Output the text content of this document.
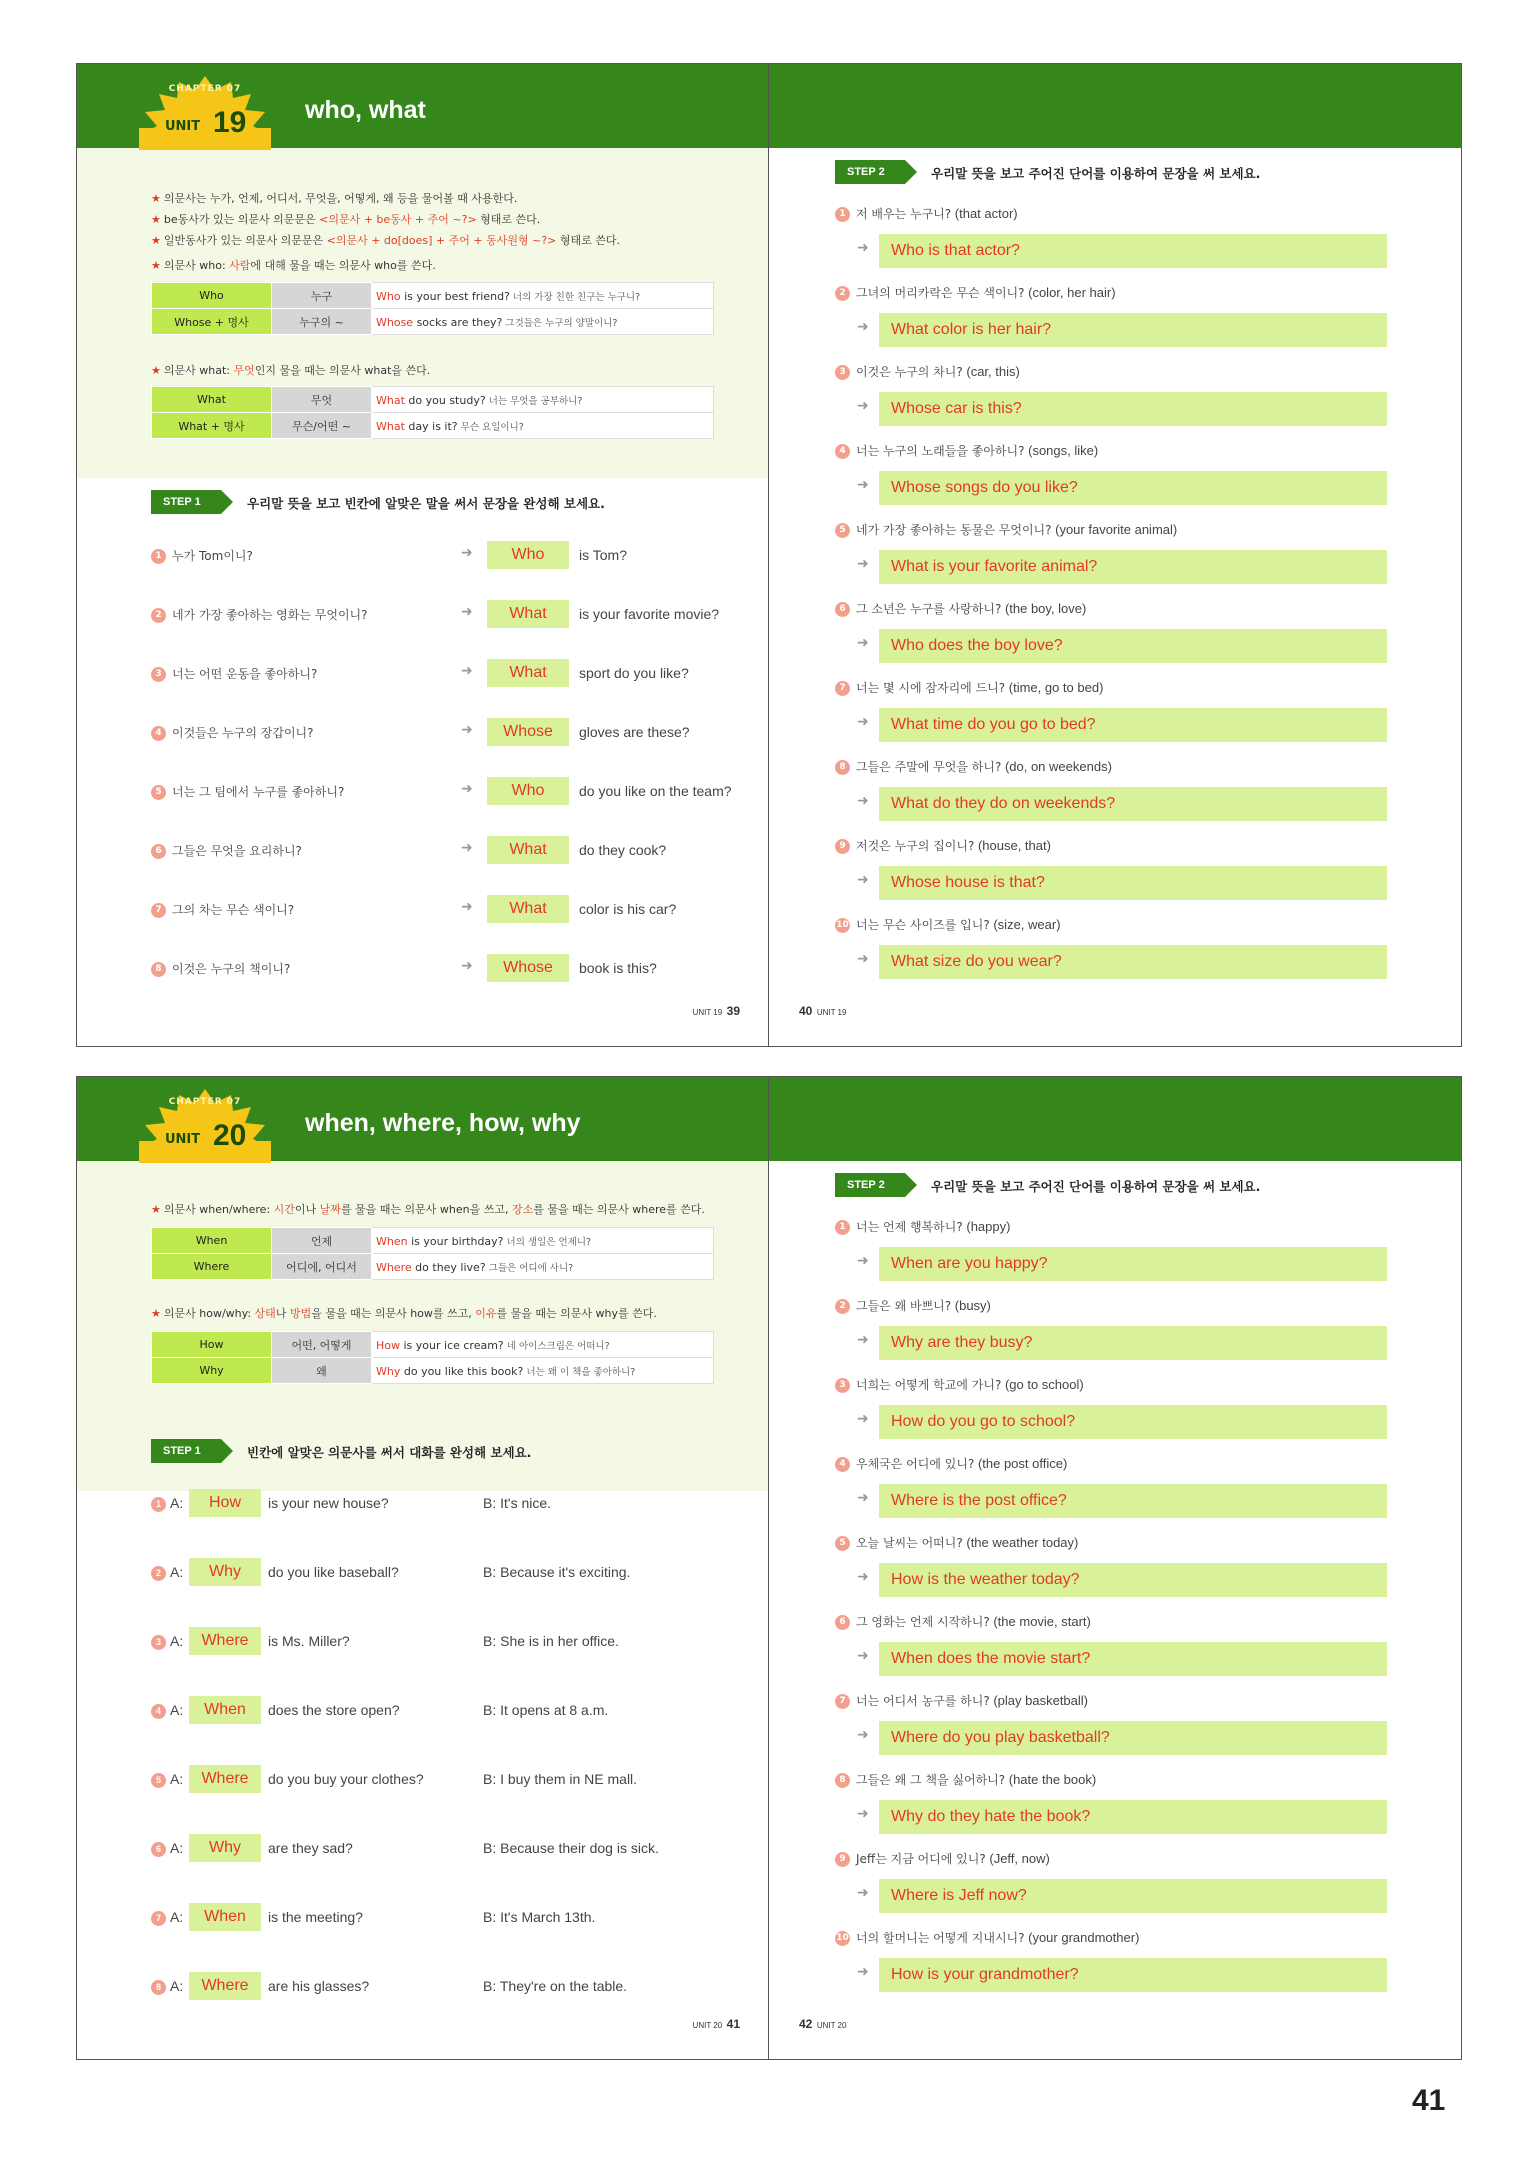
CHAPTER 07
UNIT 19 who, what
★ 의문사는 누가, 언제, 어디서, 무엇을, 어떻게, 왜 등을 물어볼 때 사용한다.
★ be동사가 있는 의문사 의문문은 <의문사 + be동사 + 주어 ~?> 형태로 쓴다.
★ 일반동사가 있는 의문사 의문문은 <의문사 + do[does] + 주어 + 동사원형 ~?> 형태로 쓴다.
★ 의문사 who: 사람에 대해 물을 때는 의문사 who를 쓴다.
Who	누구	Who is your best friend? 너의 가장 친한 친구는 누구니?
Whose + 명사	누구의 ~	Whose socks are they? 그것들은 누구의 양말이니?
★ 의문사 what: 무엇인지 물을 때는 의문사 what을 쓴다.
What	무엇	What do you study? 너는 무엇을 공부하니?
What + 명사	무슨/어떤 ~	What day is it? 무슨 요일이니?
STEP 1	우리말 뜻을 보고 빈칸에 알맞은 말을 써서 문장을 완성해 보세요.
1 누가 Tom이니?	➜	Who	is Tom?
2 네가 가장 좋아하는 영화는 무엇이니?	➜	What	is your favorite movie?
3 너는 어떤 운동을 좋아하니?	➜	What	sport do you like?
4 이것들은 누구의 장갑이니?	➜	Whose	gloves are these?
5 너는 그 팀에서 누구를 좋아하니?	➜	Who	do you like on the team?
6 그들은 무엇을 요리하니?	➜	What	do they cook?
7 그의 차는 무슨 색이니?	➜	What	color is his car?
8 이것은 누구의 책이니?	➜	Whose	book is this?
UNIT 19 39
STEP 2	우리말 뜻을 보고 주어진 단어를 이용하여 문장을 써 보세요.
1 저 배우는 누구니? (that actor)
➜	Who is that actor?
2 그녀의 머리카락은 무슨 색이니? (color, her hair)
➜	What color is her hair?
3 이것은 누구의 차니? (car, this)
➜	Whose car is this?
4 너는 누구의 노래들을 좋아하니? (songs, like)
➜	Whose songs do you like?
5 네가 가장 좋아하는 동물은 무엇이니? (your favorite animal)
➜	What is your favorite animal?
6 그 소년은 누구를 사랑하니? (the boy, love)
➜	Who does the boy love?
7 너는 몇 시에 잠자리에 드니? (time, go to bed)
➜	What time do you go to bed?
8 그들은 주말에 무엇을 하니? (do, on weekends)
➜	What do they do on weekends?
9 저것은 누구의 집이니? (house, that)
➜	Whose house is that?
10 너는 무슨 사이즈를 입니? (size, wear)
➜	What size do you wear?
40 UNIT 19
CHAPTER 07
UNIT 20 when, where, how, why
★ 의문사 when/where: 시간이나 날짜를 물을 때는 의문사 when을 쓰고, 장소를 물을 때는 의문사 where를 쓴다.
When	언제	When is your birthday? 너의 생일은 언제니?
Where	어디에, 어디서	Where do they live? 그들은 어디에 사니?
★ 의문사 how/why: 상태나 방법을 물을 때는 의문사 how를 쓰고, 이유를 물을 때는 의문사 why를 쓴다.
How	어떤, 어떻게	How is your ice cream? 네 아이스크림은 어떠니?
Why	왜	Why do you like this book? 너는 왜 이 책을 좋아하니?
STEP 1	빈칸에 알맞은 의문사를 써서 대화를 완성해 보세요.
1 A:	How	is your new house?	B: It's nice.
2 A:	Why	do you like baseball?	B: Because it's exciting.
3 A:	Where	is Ms. Miller?	B: She is in her office.
4 A:	When	does the store open?	B: It opens at 8 a.m.
5 A:	Where	do you buy your clothes?	B: I buy them in NE mall.
6 A:	Why	are they sad?	B: Because their dog is sick.
7 A:	When	is the meeting?	B: It's March 13th.
8 A:	Where	are his glasses?	B: They're on the table.
UNIT 20 41
STEP 2	우리말 뜻을 보고 주어진 단어를 이용하여 문장을 써 보세요.
1 너는 언제 행복하니? (happy)
➜	When are you happy?
2 그들은 왜 바쁘니? (busy)
➜	Why are they busy?
3 너희는 어떻게 학교에 가니? (go to school)
➜	How do you go to school?
4 우체국은 어디에 있니? (the post office)
➜	Where is the post office?
5 오늘 날씨는 어떠니? (the weather today)
➜	How is the weather today?
6 그 영화는 언제 시작하니? (the movie, start)
➜	When does the movie start?
7 너는 어디서 농구를 하니? (play basketball)
➜	Where do you play basketball?
8 그들은 왜 그 책을 싫어하니? (hate the book)
➜	Why do they hate the book?
9 Jeff는 지금 어디에 있니? (Jeff, now)
➜	Where is Jeff now?
10 너의 할머니는 어떻게 지내시니? (your grandmother)
➜	How is your grandmother?
42 UNIT 20
41
